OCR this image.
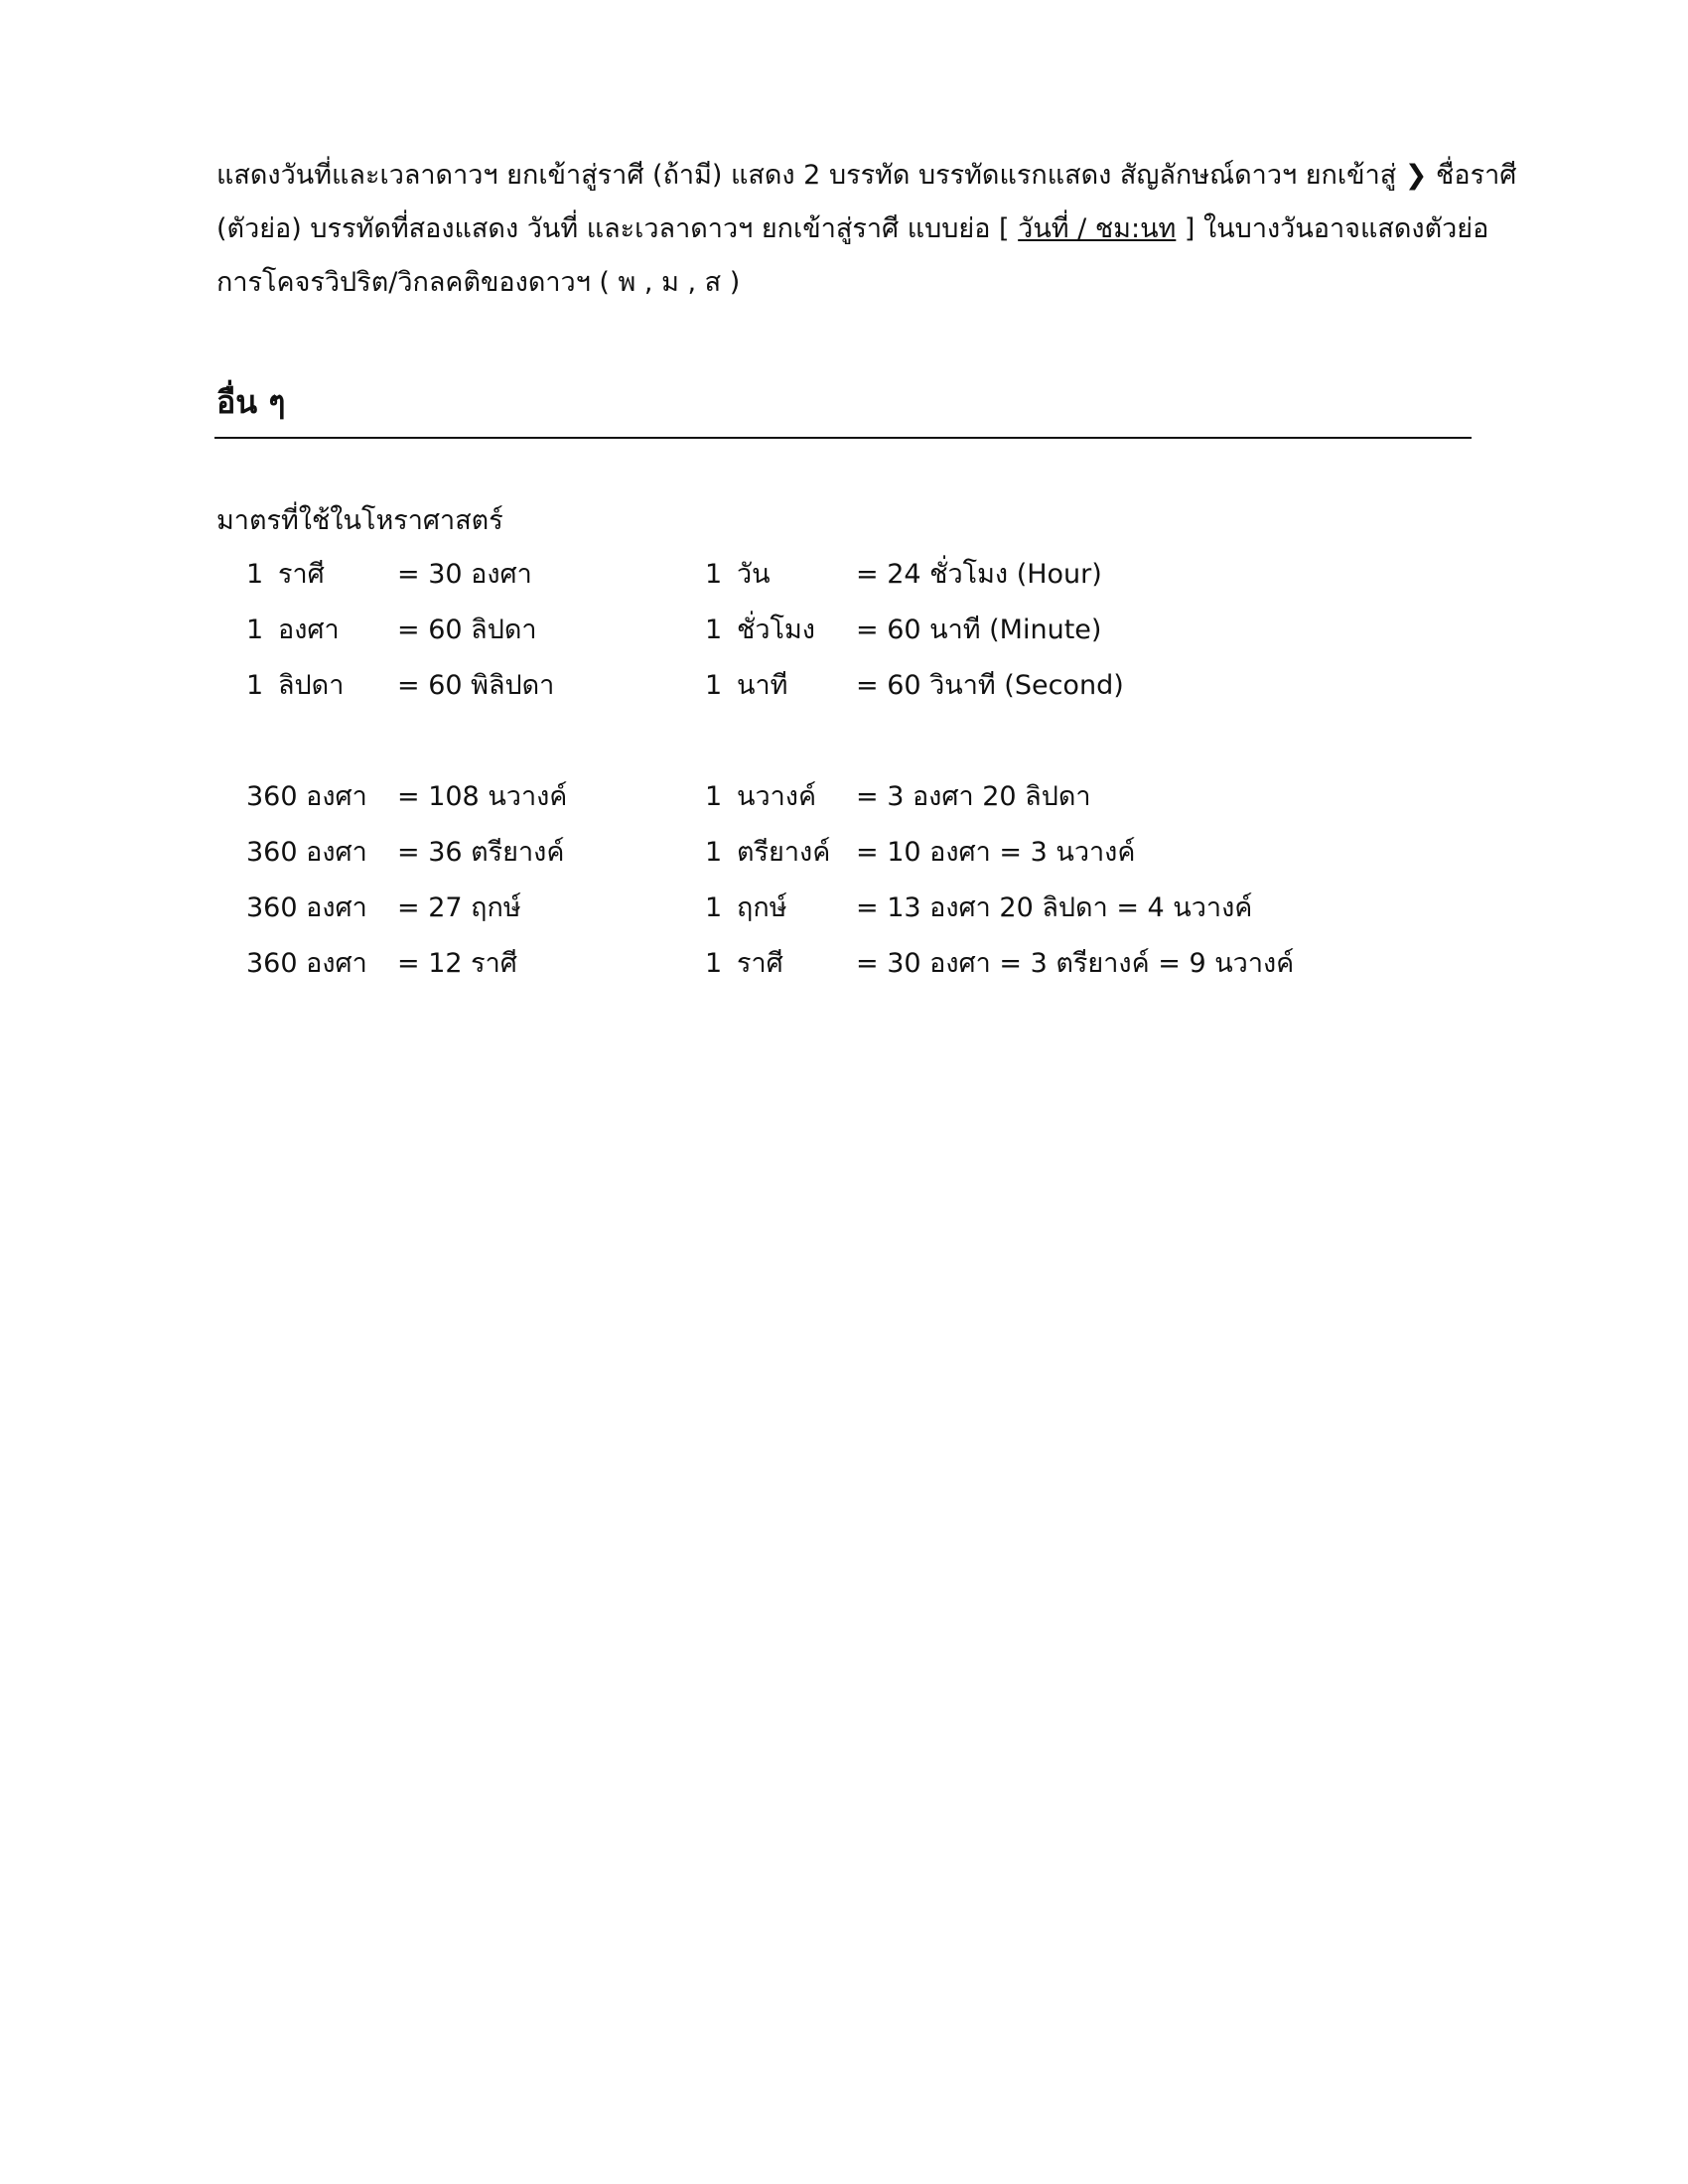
แสดงวันที่และเวลาดาวฯ ยกเข้าสู่ราศี (ถ้ามี) แสดง 2 บรรทัด บรรทัดแรกแสดง สัญลักษณ์ดาวฯ ยกเข้าสู่ ❯ ชื่อราศี
(ตัวย่อ) บรรทัดที่สองแสดง วันที่ และเวลาดาวฯ ยกเข้าสู่ราศี แบบย่อ [ วันที่ / ชม:นท ] ในบางวันอาจแสดงตัวย่อ
การโคจรวิปริต/วิกลคติของดาวฯ ( พ , ม , ส )
อื่น ๆ
มาตรที่ใช้ในโหราศาสตร์
1 ราศี	= 30 องศา	1 วัน	= 24 ชั่วโมง (Hour)
1 องศา = 60 ลิปดา	1 ชั่วโมง = 60 นาที (Minute)
1 ลิปดา = 60 พิลิปดา	1 นาที	= 60 วินาที (Second)
360 องศา = 108 นวางค์	1 นวางค์ = 3 องศา 20 ลิปดา
360 องศา = 36 ตรียางค์	1 ตรียางค์ = 10 องศา = 3 นวางค์
360 องศา = 27 ฤกษ์	1 ฤกษ์	= 13 องศา 20 ลิปดา = 4 นวางค์
360 องศา = 12 ราศี	1 ราศี	= 30 องศา = 3 ตรียางค์ = 9 นวางค์
